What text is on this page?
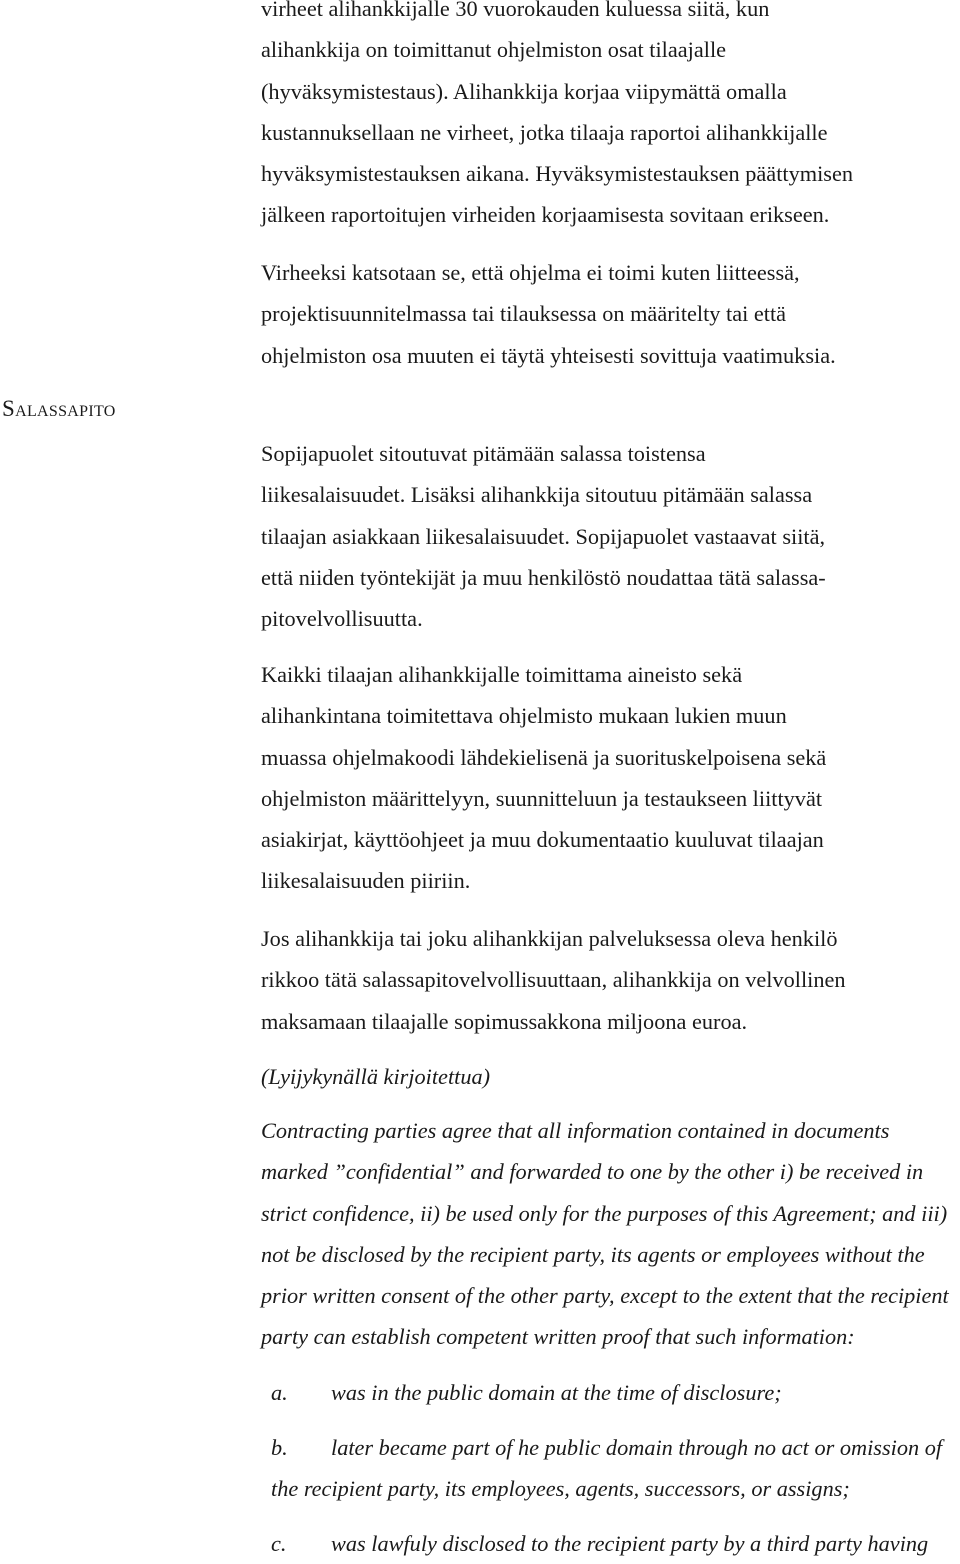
Salassapito

virheet alihankkijalle 30 vuorokauden kuluessa siitä, kun
alihankkija on toimittanut ohjelmiston osat tilaajalle
(hyväksymistestaus). Alihankkija korjaa viipymättä omalla
kustannuksellaan ne virheet, jotka tilaaja raportoi alihankkijalle
hyväksymistestauksen aikana. Hyväksymistestauksen päättymisen
jälkeen raportoitujen virheiden korjaamisesta sovitaan erikseen.

Virheeksi katsotaan se, että ohjelma ei toimi kuten liitteessä,
projektisuunnitelmassa tai tilauksessa on määritelty tai että
ohjelmiston osa muuten ei täytä yhteisesti sovittuja vaatimuksia.

Sopijapuolet sitoutuvat pitämään salassa toistensa
liikesalaisuudet. Lisäksi alihankkija sitoutuu pitämään salassa
tilaajan asiakkaan liikesalaisuudet. Sopijapuolet vastaavat siitä,
että niiden työntekijät ja muu henkilöstö noudattaa tätä salassa-
pitovelvollisuutta.

Kaikki tilaajan alihankkijalle toimittama aineisto sekä
alihankintana toimitettava ohjelmisto mukaan lukien muun
muassa ohjelmakoodi lähdekielisenä ja suorituskelpoisena sekä
ohjelmiston määrittelyyn, suunnitteluun ja testaukseen liittyvät
asiakirjat, käyttöohjeet ja muu dokumentaatio kuuluvat tilaajan
liikesalaisuuden piiriin.

Jos alihankkija tai joku alihankkijan palveluksessa oleva henkilö
rikkoo tätä salassapitovelvollisuuttaan, alihankkija on velvollinen
maksamaan tilaajalle sopimussakkona miljoona euroa.

(Lyijykynällä kirjoitettua)

Contracting parties agree that all information contained in documents
marked ”confidential” and forwarded to one by the other i) be received in
strict confidence, ii) be used only for the purposes of this Agreement; and iii)
not be disclosed by the recipient party, its agents or employees without the
prior written consent of the other party, except to the extent that the recipient
party can establish competent written proof that such information:

a. was in the public domain at the time of disclosure;

b. later became part of he public domain through no act or omission of
the recipient party, its employees, agents, successors, or assigns;

c. was lawfuly disclosed to the recipient party by a third party having
